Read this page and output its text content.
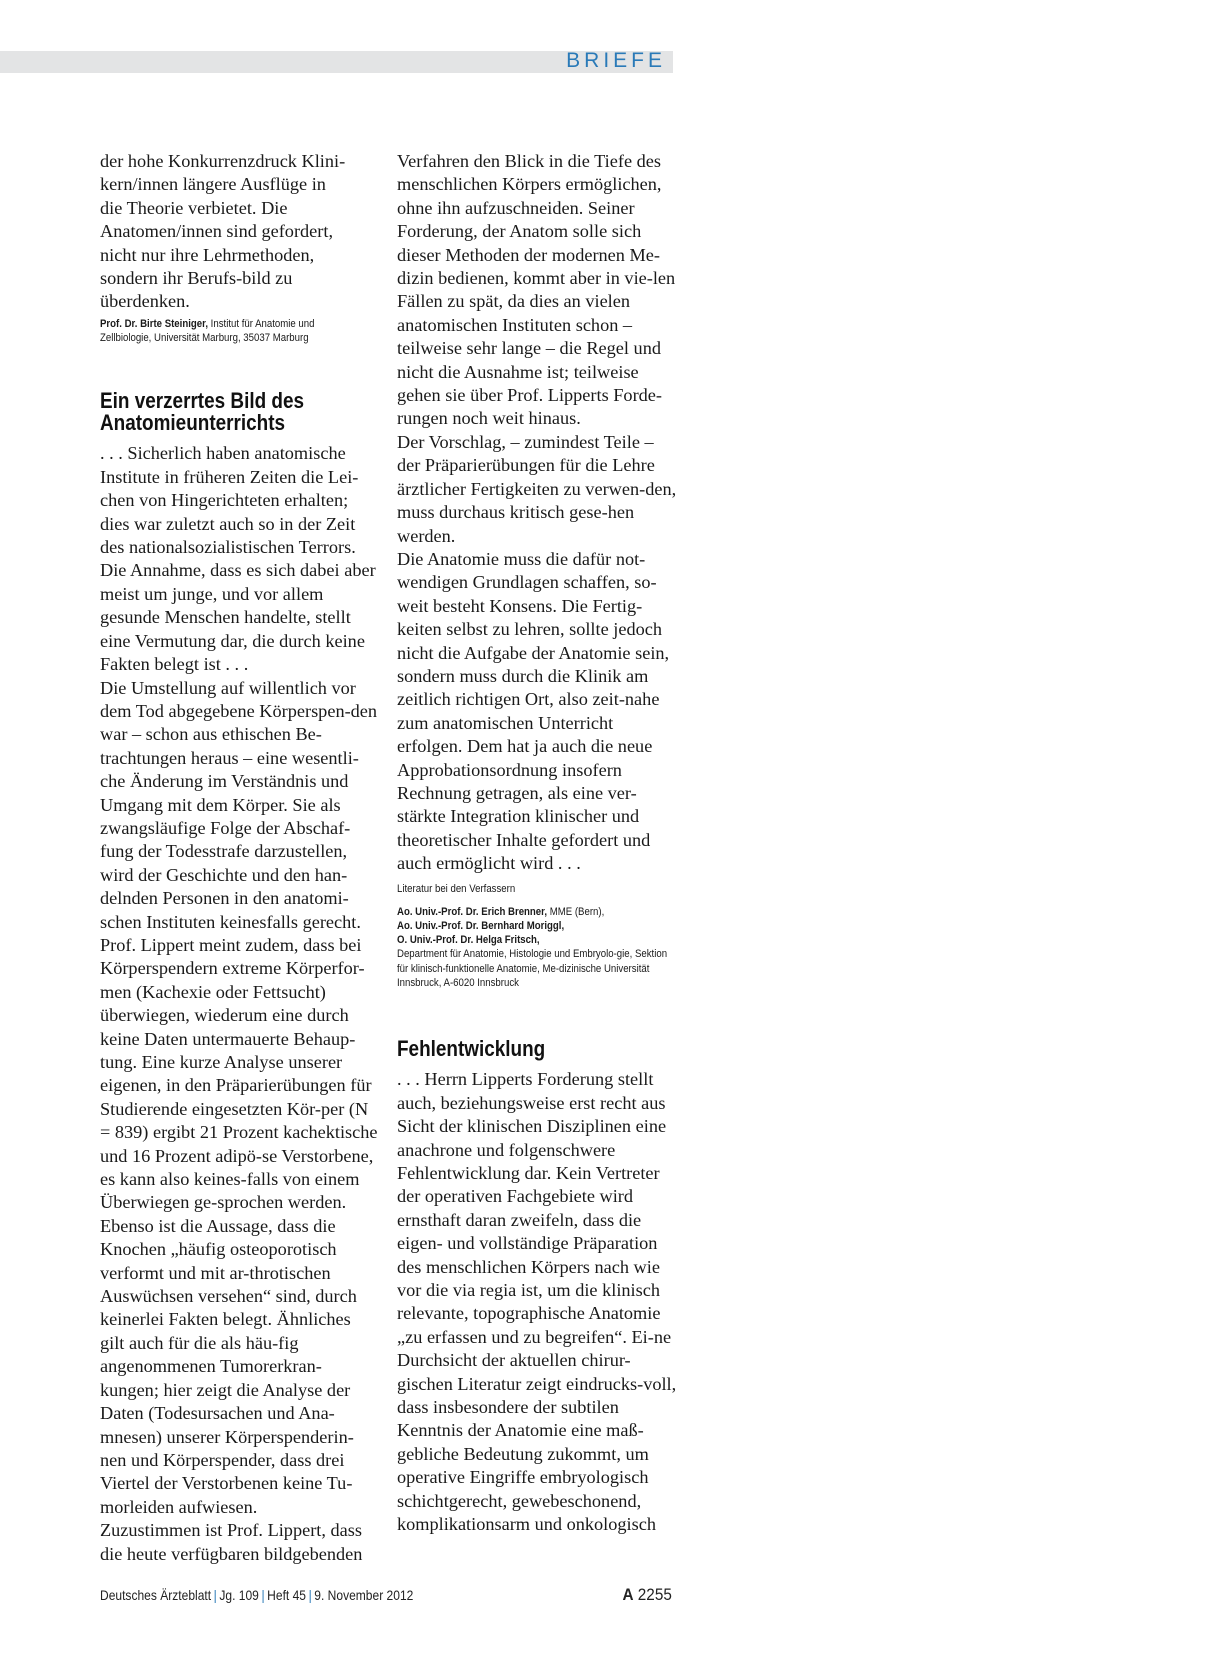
BRIEFE

der hohe Konkurrenzdruck Klini-kern/innen längere Ausflüge in die Theorie verbietet. Die Anatomen/innen sind gefordert, nicht nur ihre Lehrmethoden, sondern ihr Berufs-bild zu überdenken.

Prof. Dr. Birte Steiniger, Institut für Anatomie und Zellbiologie, Universität Marburg, 35037 Marburg

Ein verzerrtes Bild des Anatomieunterrichts

. . . Sicherlich haben anatomische Institute in früheren Zeiten die Lei-chen von Hingerichteten erhalten; dies war zuletzt auch so in der Zeit des nationalsozialistischen Terrors. Die Annahme, dass es sich dabei aber meist um junge, und vor allem gesunde Menschen handelte, stellt eine Vermutung dar, die durch keine Fakten belegt ist . . .

Die Umstellung auf willentlich vor dem Tod abgegebene Körperspen-den war – schon aus ethischen Be-trachtungen heraus – eine wesentli-che Änderung im Verständnis und Umgang mit dem Körper. Sie als zwangsläufige Folge der Abschaf-fung der Todesstrafe darzustellen, wird der Geschichte und den han-delnden Personen in den anatomi-schen Instituten keinesfalls gerecht. Prof. Lippert meint zudem, dass bei Körperspendern extreme Körperfor-men (Kachexie oder Fettsucht) überwiegen, wiederum eine durch keine Daten untermauerte Behaup-tung. Eine kurze Analyse unserer eigenen, in den Präparierübungen für Studierende eingesetzten Kör-per (N = 839) ergibt 21 Prozent kachektische und 16 Prozent adipö-se Verstorbene, es kann also keines-falls von einem Überwiegen ge-sprochen werden. Ebenso ist die Aussage, dass die Knochen „häufig osteoporotisch verformt und mit ar-throtischen Auswüchsen versehen“ sind, durch keinerlei Fakten belegt. Ähnliches gilt auch für die als häu-fig angenommenen Tumorerkran-kungen; hier zeigt die Analyse der Daten (Todesursachen und Ana-mnesen) unserer Körperspenderin-nen und Körperspender, dass drei Viertel der Verstorbenen keine Tu-morleiden aufwiesen.

Zuzustimmen ist Prof. Lippert, dass die heute verfügbaren bildgebenden

Verfahren den Blick in die Tiefe des menschlichen Körpers ermöglichen, ohne ihn aufzuschneiden. Seiner Forderung, der Anatom solle sich dieser Methoden der modernen Me-dizin bedienen, kommt aber in vie-len Fällen zu spät, da dies an vielen anatomischen Instituten schon – teilweise sehr lange – die Regel und nicht die Ausnahme ist; teilweise gehen sie über Prof. Lipperts Forde-rungen noch weit hinaus.

Der Vorschlag, – zumindest Teile – der Präparierübungen für die Lehre ärztlicher Fertigkeiten zu verwen-den, muss durchaus kritisch gese-hen werden.

Die Anatomie muss die dafür not-wendigen Grundlagen schaffen, so-weit besteht Konsens. Die Fertig-keiten selbst zu lehren, sollte jedoch nicht die Aufgabe der Anatomie sein, sondern muss durch die Klinik am zeitlich richtigen Ort, also zeit-nahe zum anatomischen Unterricht erfolgen. Dem hat ja auch die neue Approbationsordnung insofern Rechnung getragen, als eine ver-stärkte Integration klinischer und theoretischer Inhalte gefordert und auch ermöglicht wird . . .

Literatur bei den Verfassern

Ao. Univ.-Prof. Dr. Erich Brenner, MME (Bern),
Ao. Univ.-Prof. Dr. Bernhard Moriggl,
O. Univ.-Prof. Dr. Helga Fritsch,
Department für Anatomie, Histologie und Embryolo-gie, Sektion für klinisch-funktionelle Anatomie, Me-dizinische Universität Innsbruck, A-6020 Innsbruck

Fehlentwicklung

. . . Herrn Lipperts Forderung stellt auch, beziehungsweise erst recht aus Sicht der klinischen Disziplinen eine anachrone und folgenschwere Fehlentwicklung dar. Kein Vertreter der operativen Fachgebiete wird ernsthaft daran zweifeln, dass die eigen- und vollständige Präparation des menschlichen Körpers nach wie vor die via regia ist, um die klinisch relevante, topographische Anatomie „zu erfassen und zu begreifen“. Ei-ne Durchsicht der aktuellen chirur-gischen Literatur zeigt eindrucks-voll, dass insbesondere der subtilen Kenntnis der Anatomie eine maß-gebliche Bedeutung zukommt, um operative Eingriffe embryologisch schichtgerecht, gewebeschonend, komplikationsarm und onkologisch

Deutsches Ärzteblatt | Jg. 109 | Heft 45 | 9. November 2012	A 2255
